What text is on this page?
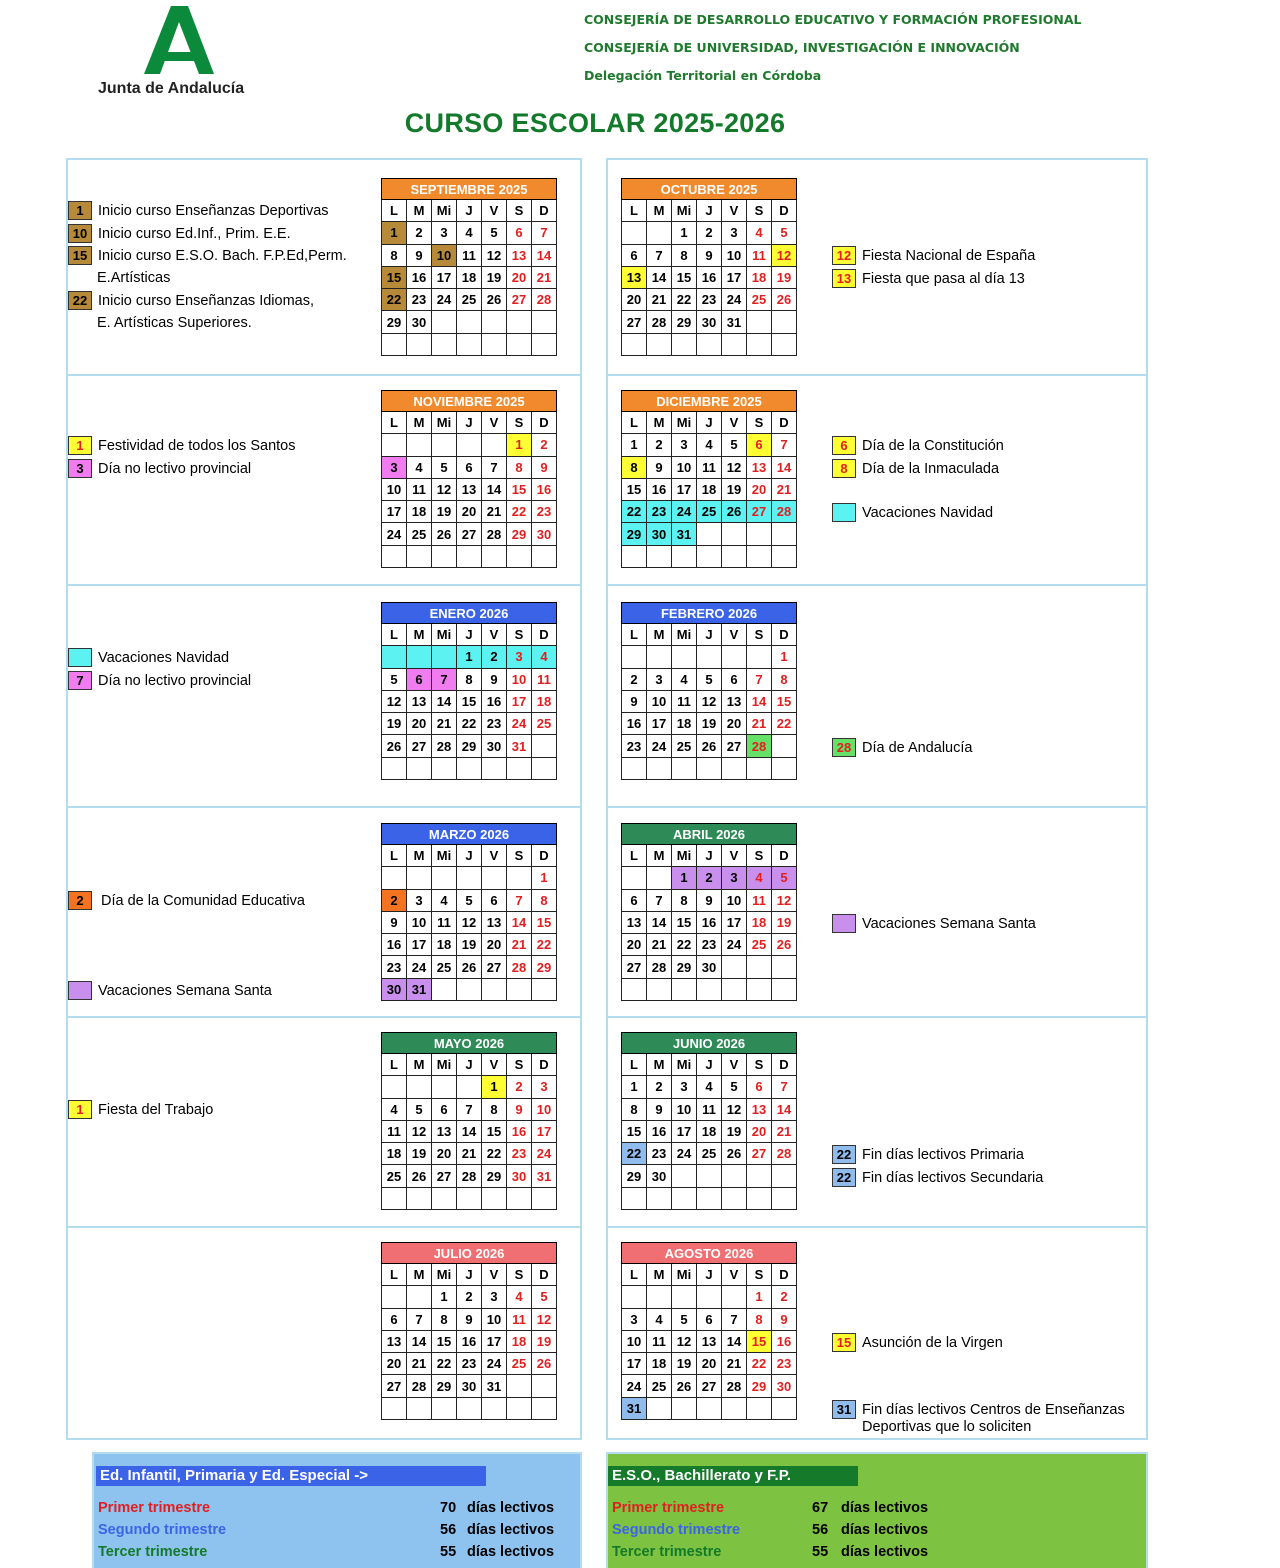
Junta de Andalucía
CONSEJERÍA DE DESARROLLO EDUCATIVO Y FORMACIÓN PROFESIONAL
CONSEJERÍA DE UNIVERSIDAD, INVESTIGACIÓN E INNOVACIÓN
Delegación Territorial en Córdoba
CURSO ESCOLAR 2025-2026
SEPTIEMBRE 2025						
L	M	Mi	J	V	S	D
1	2	3	4	5	6	7
8	9	10	11	12	13	14
15	16	17	18	19	20	21
22	23	24	25	26	27	28
29	30					

OCTUBRE 2025						
L	M	Mi	J	V	S	D
		1	2	3	4	5
6	7	8	9	10	11	12
13	14	15	16	17	18	19
20	21	22	23	24	25	26
27	28	29	30	31		

NOVIEMBRE 2025						
L	M	Mi	J	V	S	D
					1	2
3	4	5	6	7	8	9
10	11	12	13	14	15	16
17	18	19	20	21	22	23
24	25	26	27	28	29	30

DICIEMBRE 2025						
L	M	Mi	J	V	S	D
1	2	3	4	5	6	7
8	9	10	11	12	13	14
15	16	17	18	19	20	21
22	23	24	25	26	27	28
29	30	31				

ENERO 2026						
L	M	Mi	J	V	S	D
			1	2	3	4
5	6	7	8	9	10	11
12	13	14	15	16	17	18
19	20	21	22	23	24	25
26	27	28	29	30	31	

FEBRERO 2026						
L	M	Mi	J	V	S	D
						1
2	3	4	5	6	7	8
9	10	11	12	13	14	15
16	17	18	19	20	21	22
23	24	25	26	27	28	

MARZO 2026						
L	M	Mi	J	V	S	D
						1
2	3	4	5	6	7	8
9	10	11	12	13	14	15
16	17	18	19	20	21	22
23	24	25	26	27	28	29
30	31					
ABRIL 2026						
L	M	Mi	J	V	S	D
		1	2	3	4	5
6	7	8	9	10	11	12
13	14	15	16	17	18	19
20	21	22	23	24	25	26
27	28	29	30			

MAYO 2026						
L	M	Mi	J	V	S	D
				1	2	3
4	5	6	7	8	9	10
11	12	13	14	15	16	17
18	19	20	21	22	23	24
25	26	27	28	29	30	31

JUNIO 2026						
L	M	Mi	J	V	S	D
1	2	3	4	5	6	7
8	9	10	11	12	13	14
15	16	17	18	19	20	21
22	23	24	25	26	27	28
29	30					

JULIO 2026						
L	M	Mi	J	V	S	D
		1	2	3	4	5
6	7	8	9	10	11	12
13	14	15	16	17	18	19
20	21	22	23	24	25	26
27	28	29	30	31		

AGOSTO 2026						
L	M	Mi	J	V	S	D
					1	2
3	4	5	6	7	8	9
10	11	12	13	14	15	16
17	18	19	20	21	22	23
24	25	26	27	28	29	30
31						
1 Inicio curso Enseñanzas Deportivas
10 Inicio curso Ed.Inf., Prim. E.E.
15 Inicio curso E.S.O. Bach. F.P.Ed,Perm.
E.Artísticas
22 Inicio curso Enseñanzas Idiomas,
E. Artísticas Superiores.
12 Fiesta Nacional de España
13 Fiesta que pasa al día 13
1 Festividad de todos los Santos
3 Día no lectivo provincial
6 Día de la Constitución
8 Día de la Inmaculada
Vacaciones Navidad
Vacaciones Navidad
7 Día no lectivo provincial
28 Día de Andalucía
2	Día de la Comunidad Educativa
Vacaciones Semana Santa
Vacaciones Semana Santa
1 Fiesta del Trabajo
22 Fin días lectivos Primaria
22 Fin días lectivos Secundaria
15 Asunción de la Virgen
31 Fin días lectivos Centros de Enseñanzas
Deportivas que lo soliciten
Ed. Infantil, Primaria y Ed. Especial ->
Primer trimestre	70 días lectivos
Segundo trimestre	56 días lectivos
Tercer trimestre	55 días lectivos
E.S.O., Bachillerato y F.P.
Primer trimestre	67 días lectivos
Segundo trimestre	56 días lectivos
Tercer trimestre	55 días lectivos
